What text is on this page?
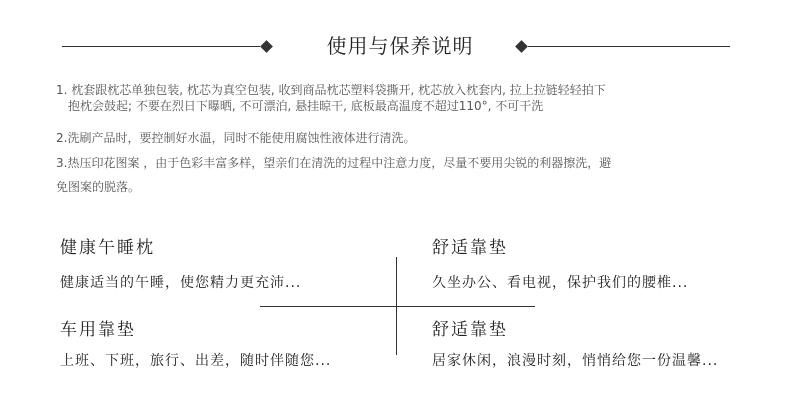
使用与保养说明
1. 枕套跟枕芯单独包装, 枕芯为真空包装, 收到商品枕芯塑料袋撕开, 枕芯放入枕套内, 拉上拉链轻轻拍下
抱枕会鼓起; 不要在烈日下曝晒, 不可漂泊, 悬挂晾干, 底板最高温度不超过110°, 不可干洗
2.洗刷产品时，要控制好水温，同时不能使用腐蚀性液体进行清洗。
3.热压印花图案 ，由于色彩丰富多样，望亲们在清洗的过程中注意力度，尽量不要用尖锐的利器擦洗，避
免图案的脱落。
健康午睡枕
健康适当的午睡，使您精力更充沛...
舒适靠垫
久坐办公、看电视，保护我们的腰椎...
车用靠垫
上班、下班，旅行、出差，随时伴随您...
舒适靠垫
居家休闲，浪漫时刻，悄悄给您一份温馨...
